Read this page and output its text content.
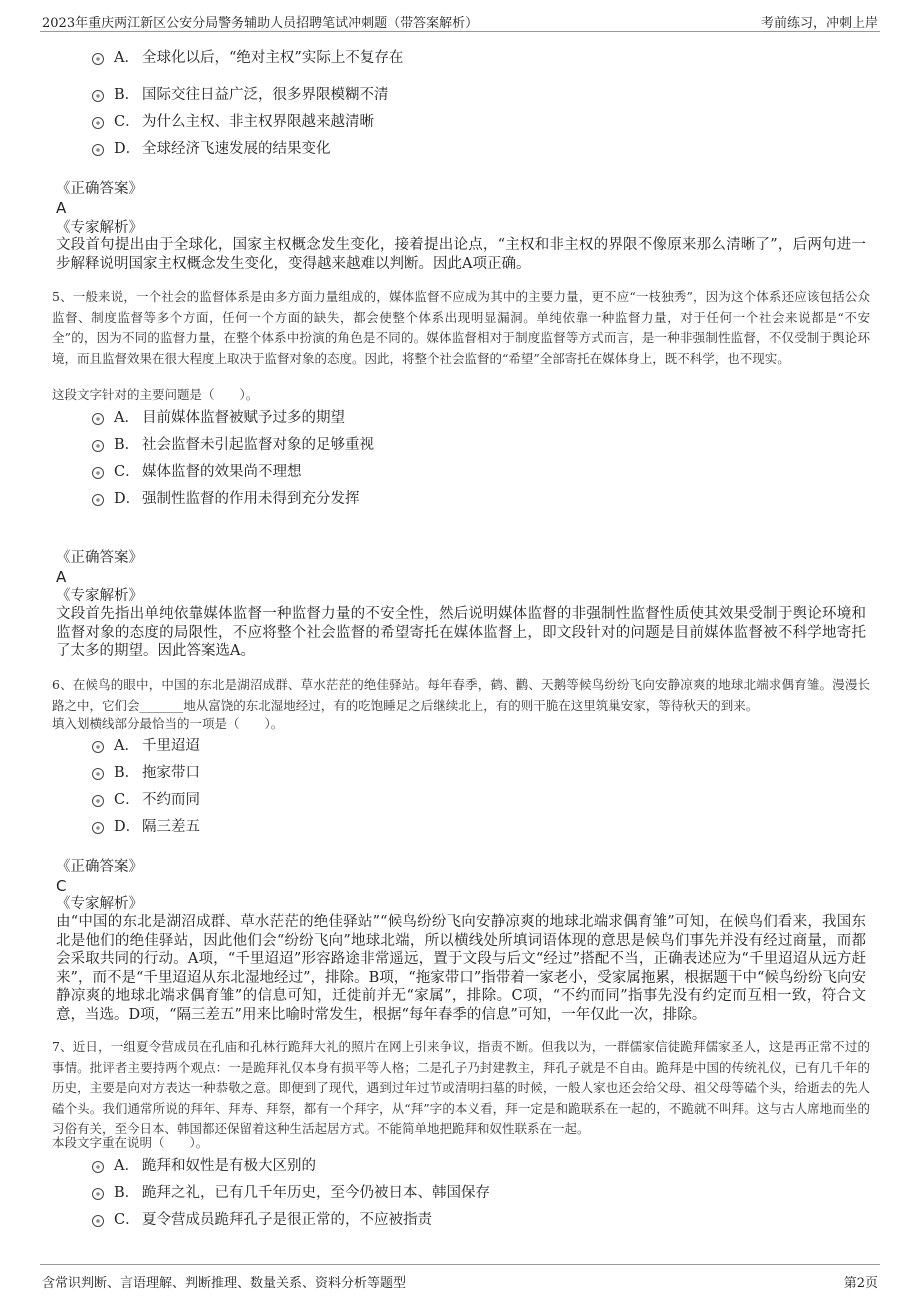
2023年重庆两江新区公安分局警务辅助人员招聘笔试冲刺题（带答案解析）	考前练习，冲刺上岸
A． 全球化以后，“绝对主权”实际上不复存在
B． 国际交往日益广泛，很多界限模糊不清
C． 为什么主权、非主权界限越来越清晰
D． 全球经济飞速发展的结果变化
《正确答案》
A
《专家解析》
文段首句提出由于全球化，国家主权概念发生变化，接着提出论点，“主权和非主权的界限不像原来那么清晰了”，后两句进一步解释说明国家主权概念发生变化，变得越来越难以判断。因此A项正确。
5、一般来说，一个社会的监督体系是由多方面力量组成的，媒体监督不应成为其中的主要力量，更不应“一枝独秀”，因为这个体系还应该包括公众监督、制度监督等多个方面，任何一个方面的缺失，都会使整个体系出现明显漏洞。单纯依靠一种监督力量，对于任何一个社会来说都是“不安全”的，因为不同的监督力量，在整个体系中扮演的角色是不同的。媒体监督相对于制度监督等方式而言，是一种非强制性监督，不仅受制于舆论环境，而且监督效果在很大程度上取决于监督对象的态度。因此，将整个社会监督的“希望”全部寄托在媒体身上，既不科学，也不现实。
这段文字针对的主要问题是（　　）。
A． 目前媒体监督被赋予过多的期望
B． 社会监督未引起监督对象的足够重视
C． 媒体监督的效果尚不理想
D． 强制性监督的作用未得到充分发挥
《正确答案》
A
《专家解析》
文段首先指出单纯依靠媒体监督一种监督力量的不安全性，然后说明媒体监督的非强制性监督性质使其效果受制于舆论环境和监督对象的态度的局限性，不应将整个社会监督的希望寄托在媒体监督上，即文段针对的问题是目前媒体监督被不科学地寄托了太多的期望。因此答案选A。
6、在候鸟的眼中，中国的东北是湖沼成群、草水茫茫的绝佳驿站。每年春季，鹤、鹳、天鹅等候鸟纷纷飞向安静凉爽的地球北端求偶育雏。漫漫长路之中，它们会_______地从富饶的东北湿地经过，有的吃饱睡足之后继续北上，有的则干脆在这里筑巢安家，等待秋天的到来。
填入划横线部分最恰当的一项是（　　）。
A． 千里迢迢
B． 拖家带口
C． 不约而同
D． 隔三差五
《正确答案》
C
《专家解析》
由“中国的东北是湖沼成群、草水茫茫的绝佳驿站”“候鸟纷纷飞向安静凉爽的地球北端求偶育雏”可知，在候鸟们看来，我国东北是他们的绝佳驿站，因此他们会“纷纷飞向”地球北端，所以横线处所填词语体现的意思是候鸟们事先并没有经过商量，而都会采取共同的行动。A项，“千里迢迢”形容路途非常遥远，置于文段与后文“经过”搭配不当，正确表述应为“千里迢迢从远方赶来”，而不是“千里迢迢从东北湿地经过”，排除。B项，“拖家带口”指带着一家老小，受家属拖累，根据题干中“候鸟纷纷飞向安静凉爽的地球北端求偶育雏”的信息可知，迁徙前并无“家属”，排除。C项，“不约而同”指事先没有约定而互相一致，符合文意，当选。D项，“隔三差五”用来比喻时常发生，根据“每年春季的信息”可知，一年仅此一次，排除。
7、近日，一组夏令营成员在孔庙和孔林行跪拜大礼的照片在网上引来争议，指责不断。但我以为，一群儒家信徒跪拜儒家圣人，这是再正常不过的事情。批评者主要持两个观点：一是跪拜礼仅本身有损平等人格；二是孔子乃封建教主，拜孔子就是不自由。跪拜是中国的传统礼仪，已有几千年的历史，主要是向对方表达一种恭敬之意。即便到了现代，遇到过年过节或清明扫墓的时候，一般人家也还会给父母、祖父母等磕个头，给逝去的先人磕个头。我们通常所说的拜年、拜寿、拜祭，都有一个拜字，从“拜”字的本义看，拜一定是和跪联系在一起的，不跪就不叫拜。这与古人席地而坐的习俗有关，至今日本、韩国都还保留着这种生活起居方式。不能简单地把跪拜和奴性联系在一起。
本段文字重在说明（　　）。
A． 跪拜和奴性是有极大区别的
B． 跪拜之礼，已有几千年历史，至今仍被日本、韩国保存
C． 夏令营成员跪拜孔子是很正常的，不应被指责
含常识判断、言语理解、判断推理、数量关系、资料分析等题型	第2页
